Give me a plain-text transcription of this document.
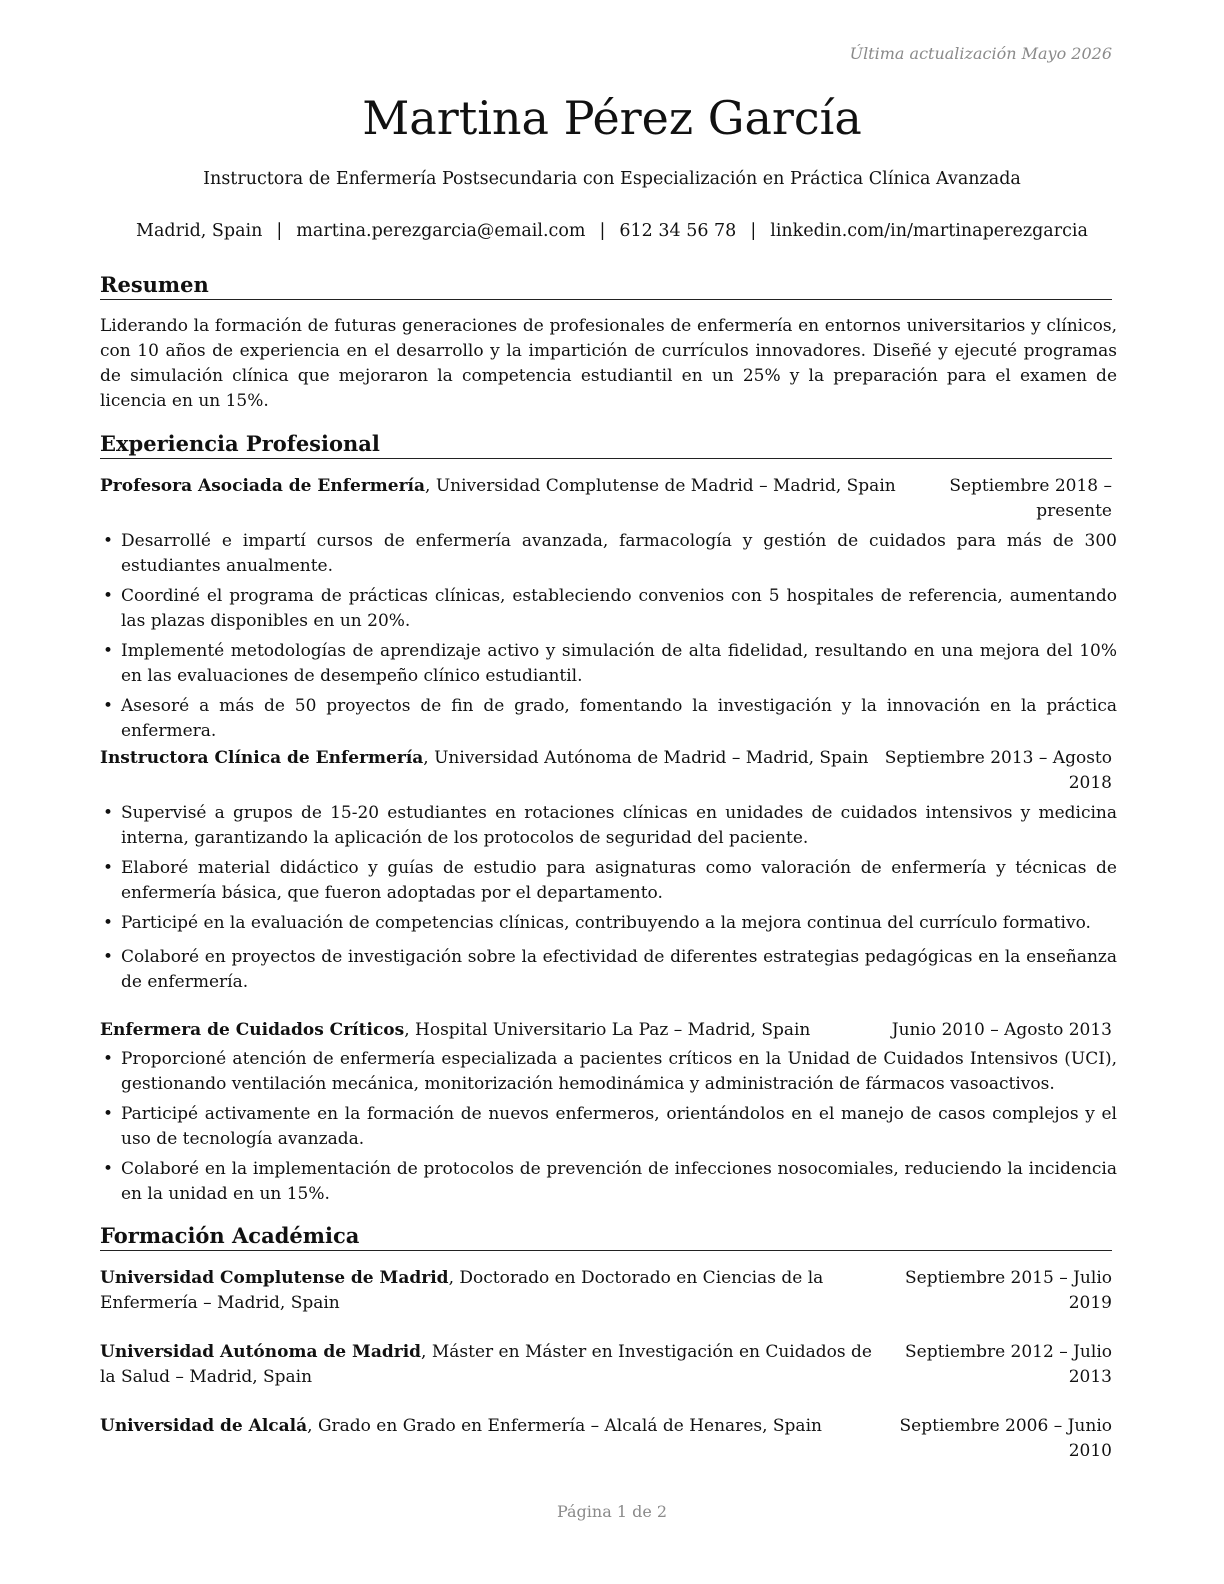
Última actualización Mayo 2026
Martina Pérez García
Instructora de Enfermería Postsecundaria con Especialización en Práctica Clínica Avanzada
Madrid, Spain | martina.perezgarcia@email.com | 612 34 56 78 | linkedin.com/in/martinaperezgarcia
Resumen
Liderando la formación de futuras generaciones de profesionales de enfermería en entornos universitarios y clínicos, con 10 años de experiencia en el desarrollo y la impartición de currículos innovadores. Diseñé y ejecuté programas de simulación clínica que mejoraron la competencia estudiantil en un 25% y la preparación para el examen de licencia en un 15%.
Experiencia Profesional
Profesora Asociada de Enfermería, Universidad Complutense de Madrid – Madrid, Spain	Septiembre 2018 – presente
• Desarrollé e impartí cursos de enfermería avanzada, farmacología y gestión de cuidados para más de 300 estudiantes anualmente.
• Coordiné el programa de prácticas clínicas, estableciendo convenios con 5 hospitales de referencia, aumentando las plazas disponibles en un 20%.
• Implementé metodologías de aprendizaje activo y simulación de alta fidelidad, resultando en una mejora del 10% en las evaluaciones de desempeño clínico estudiantil.
• Asesoré a más de 50 proyectos de fin de grado, fomentando la investigación y la innovación en la práctica enfermera.
Instructora Clínica de Enfermería, Universidad Autónoma de Madrid – Madrid, Spain Septiembre 2013 – Agosto 2018
• Supervisé a grupos de 15-20 estudiantes en rotaciones clínicas en unidades de cuidados intensivos y medicina interna, garantizando la aplicación de los protocolos de seguridad del paciente.
• Elaboré material didáctico y guías de estudio para asignaturas como valoración de enfermería y técnicas de enfermería básica, que fueron adoptadas por el departamento.
• Participé en la evaluación de competencias clínicas, contribuyendo a la mejora continua del currículo formativo.
• Colaboré en proyectos de investigación sobre la efectividad de diferentes estrategias pedagógicas en la enseñanza de enfermería.
Enfermera de Cuidados Críticos, Hospital Universitario La Paz – Madrid, Spain	Junio 2010 – Agosto 2013
• Proporcioné atención de enfermería especializada a pacientes críticos en la Unidad de Cuidados Intensivos (UCI), gestionando ventilación mecánica, monitorización hemodinámica y administración de fármacos vasoactivos.
• Participé activamente en la formación de nuevos enfermeros, orientándolos en el manejo de casos complejos y el uso de tecnología avanzada.
• Colaboré en la implementación de protocolos de prevención de infecciones nosocomiales, reduciendo la incidencia en la unidad en un 15%.
Formación Académica
Universidad Complutense de Madrid, Doctorado en Doctorado en Ciencias de la Enfermería – Madrid, Spain
Septiembre 2015 – Julio 2019
Universidad Autónoma de Madrid, Máster en Máster en Investigación en Cuidados de la Salud – Madrid, Spain
Septiembre 2012 – Julio 2013
Universidad de Alcalá, Grado en Grado en Enfermería – Alcalá de Henares, Spain	Septiembre 2006 – Junio 2010
Página 1 de 2
